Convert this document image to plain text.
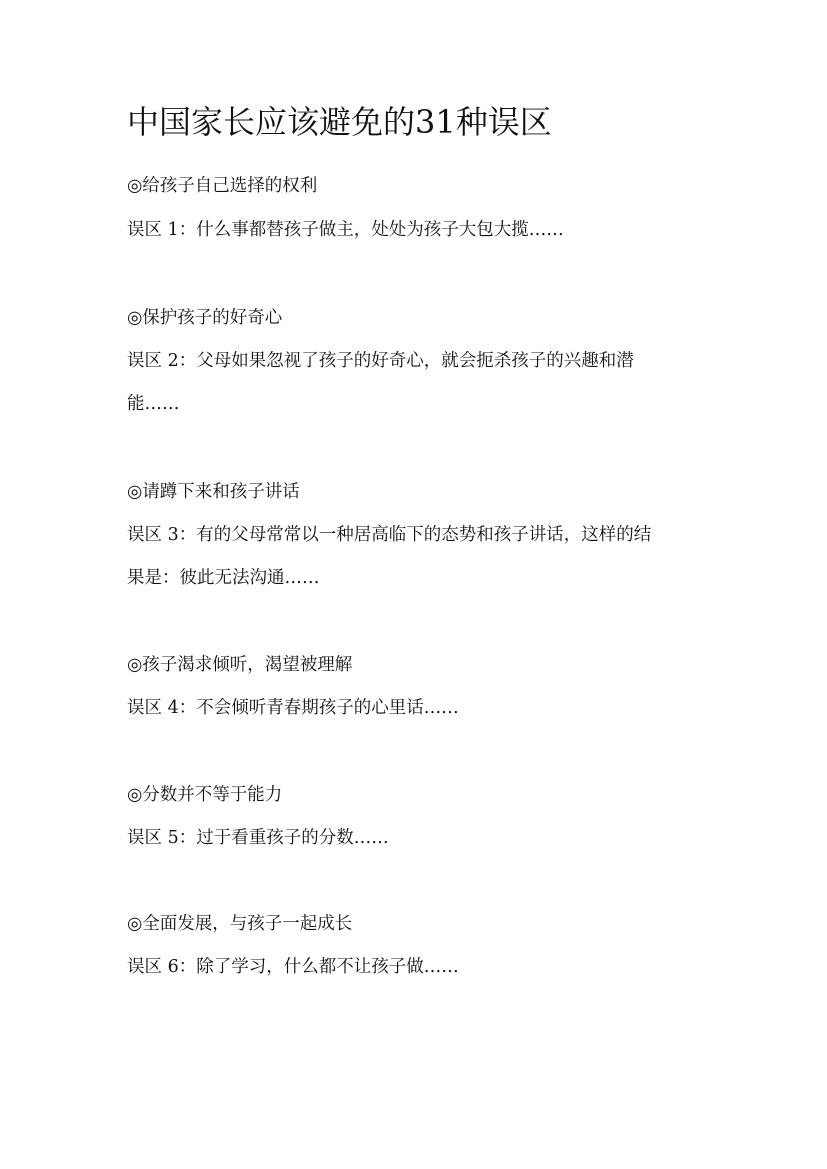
中国家长应该避免的31种误区

◎给孩子自己选择的权利

误区 1：什么事都替孩子做主，处处为孩子大包大揽……

◎保护孩子的好奇心

误区 2：父母如果忽视了孩子的好奇心，就会扼杀孩子的兴趣和潜

能……

◎请蹲下来和孩子讲话

误区 3：有的父母常常以一种居高临下的态势和孩子讲话，这样的结

果是：彼此无法沟通……

◎孩子渴求倾听，渴望被理解

误区 4：不会倾听青春期孩子的心里话……

◎分数并不等于能力

误区 5：过于看重孩子的分数……

◎全面发展，与孩子一起成长

误区 6：除了学习，什么都不让孩子做……
